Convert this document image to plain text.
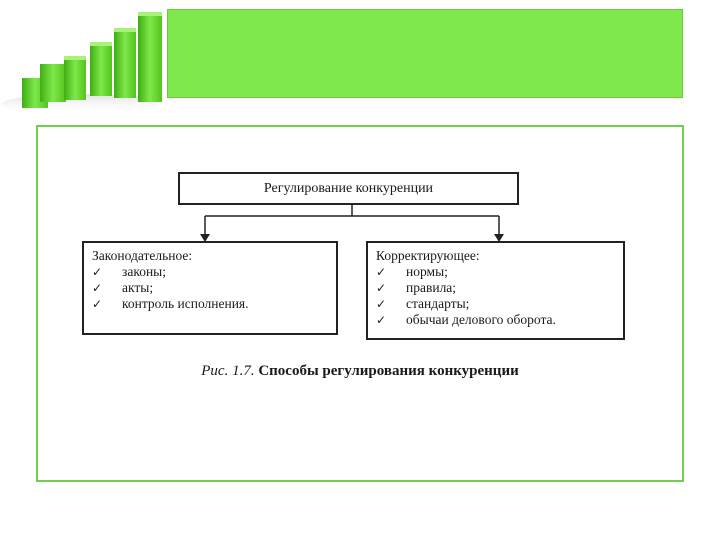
Регулирование конкуренции
Законодательное:
✓	законы;
✓	акты;
✓	контроль исполнения.
Корректирующее:
✓	нормы;
✓	правила;
✓	стандарты;
✓	обычаи делового оборота.
Рис. 1.7. Способы регулирования конкуренции
